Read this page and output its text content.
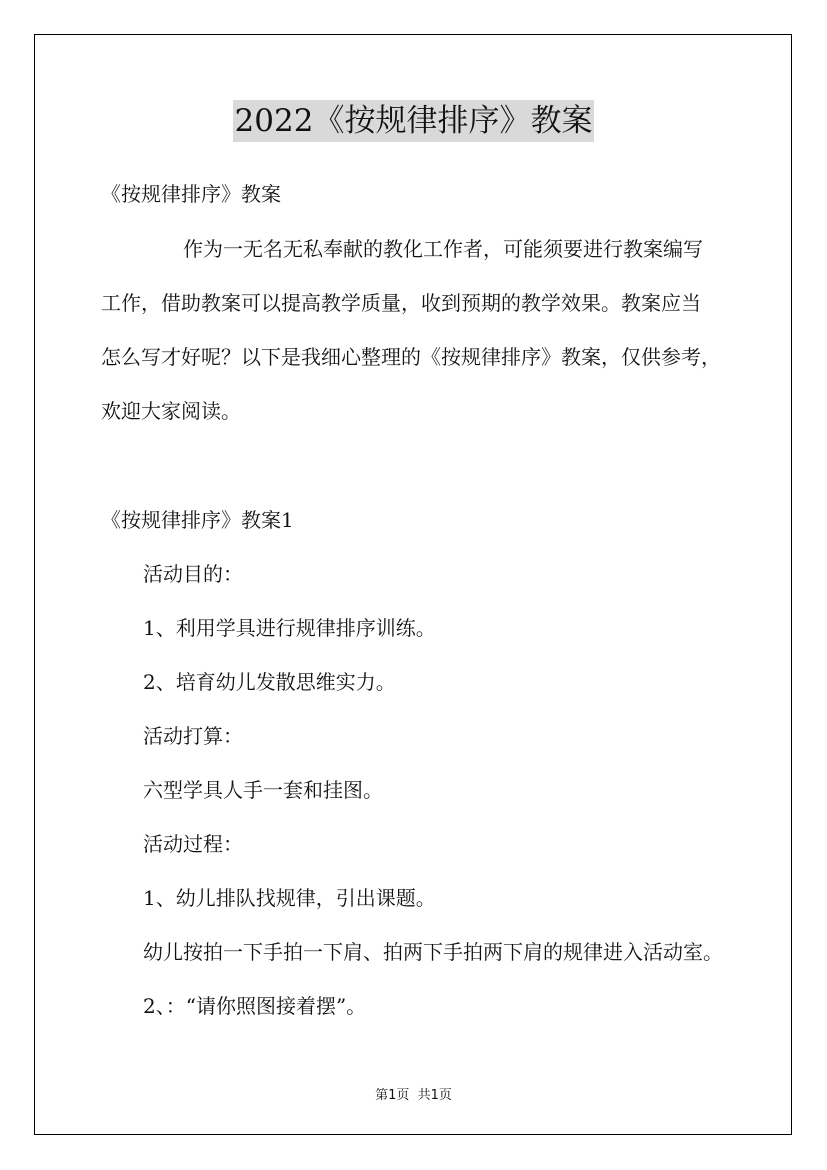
2022《按规律排序》教案
《按规律排序》教案
作为一无名无私奉献的教化工作者，可能须要进行教案编写
工作，借助教案可以提高教学质量，收到预期的教学效果。教案应当
怎么写才好呢？以下是我细心整理的《按规律排序》教案，仅供参考，
欢迎大家阅读。
《按规律排序》教案1
活动目的：
1、利用学具进行规律排序训练。
2、培育幼儿发散思维实力。
活动打算：
六型学具人手一套和挂图。
活动过程：
1、幼儿排队找规律，引出课题。
幼儿按拍一下手拍一下肩、拍两下手拍两下肩的规律进入活动室。
2、：“请你照图接着摆”。
第1页  共1页
